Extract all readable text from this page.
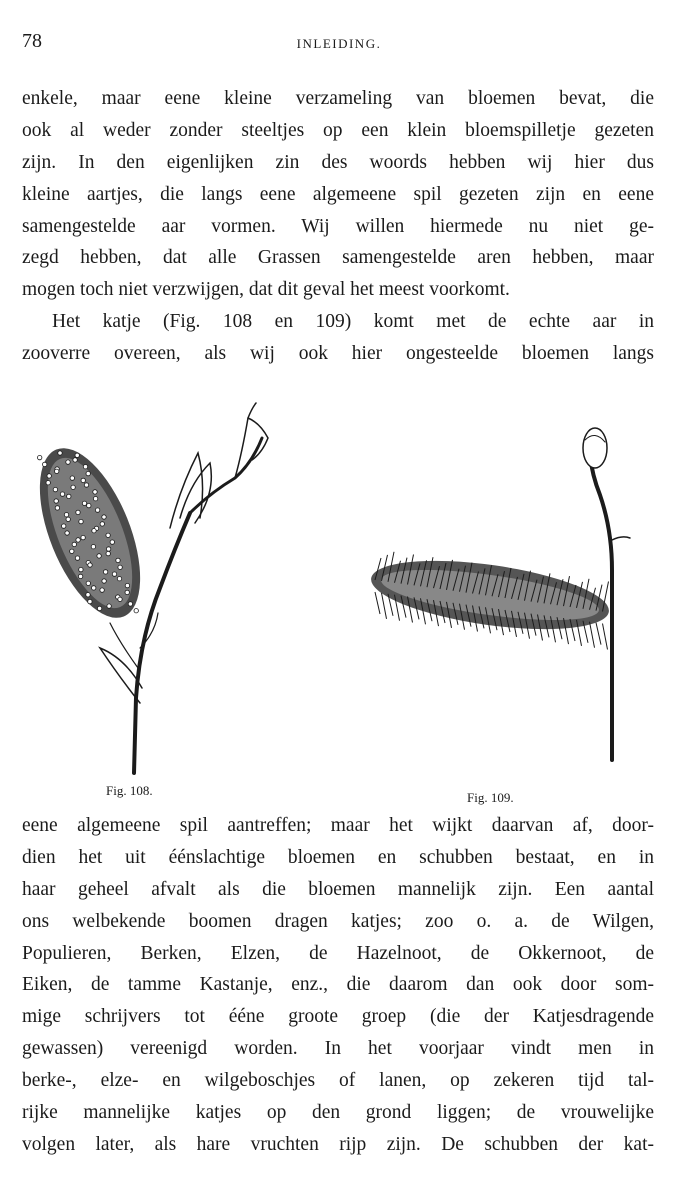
78	INLEIDING.
enkele, maar eene kleine verzameling van bloemen bevat, die
ook al weder zonder steeltjes op een klein bloemspilletje gezeten
zijn. In den eigenlijken zin des woords hebben wij hier dus
kleine aartjes, die langs eene algemeene spil gezeten zijn en eene
samengestelde aar vormen. Wij willen hiermede nu niet ge-
zegd hebben, dat alle Grassen samengestelde aren hebben, maar
mogen toch niet verzwijgen, dat dit geval het meest voorkomt.
Het katje (Fig. 108 en 109) komt met de echte aar in
zooverre overeen, als wij ook hier ongesteelde bloemen langs
Fig. 108.	Fig. 109.
eene algemeene spil aantreffen; maar het wijkt daarvan af, door-
dien het uit éénslachtige bloemen en schubben bestaat, en in
haar geheel afvalt als die bloemen mannelijk zijn. Een aantal
ons welbekende boomen dragen katjes; zoo o. a. de Wilgen,
Populieren, Berken, Elzen, de Hazelnoot, de Okkernoot, de
Eiken, de tamme Kastanje, enz., die daarom dan ook door som-
mige schrijvers tot ééne groote groep (die der Katjesdragende
gewassen) vereenigd worden. In het voorjaar vindt men in
berke-, elze- en wilgeboschjes of lanen, op zekeren tijd tal-
rijke mannelijke katjes op den grond liggen; de vrouwelijke
volgen later, als hare vruchten rijp zijn. De schubben der kat-
